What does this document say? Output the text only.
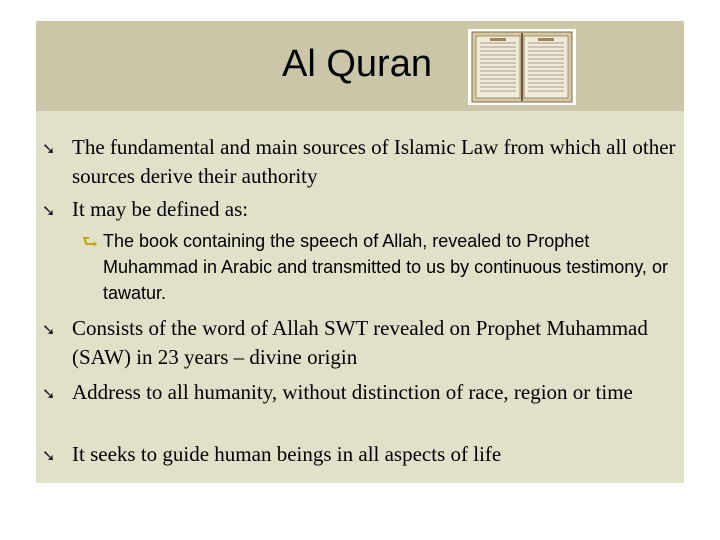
Al Quran
➘ The fundamental and main sources of Islamic Law from which all other sources derive their authority
➘ It may be defined as:
⮑ The book containing the speech of Allah, revealed to Prophet Muhammad in Arabic and transmitted to us by continuous testimony, or tawatur.
➘ Consists of the word of Allah SWT revealed on Prophet Muhammad (SAW) in 23 years – divine origin
➘ Address to all humanity, without distinction of race, region or time
➘ It seeks to guide human beings in all aspects of life
